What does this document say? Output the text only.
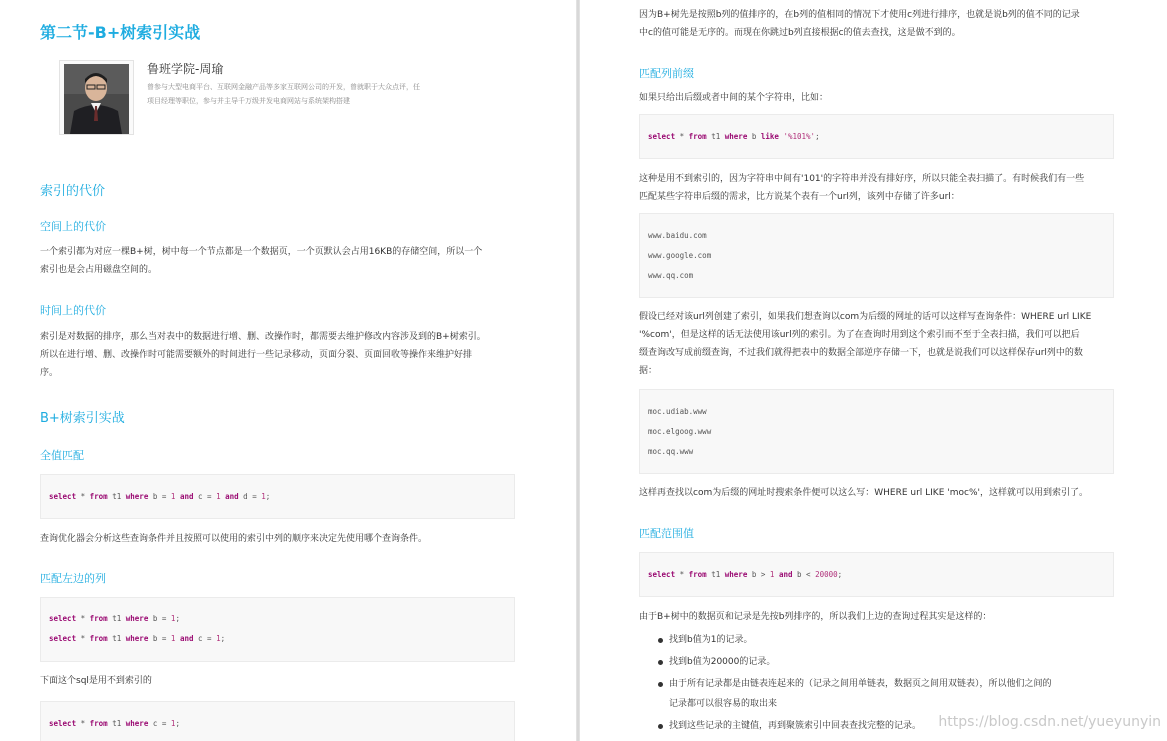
第二节-B+树索引实战
鲁班学院-周瑜
曾参与大型电商平台、互联网金融产品等多家互联网公司的开发，曾就职于大众点评，任
项目经理等职位，参与并主导千万级并发电商网站与系统架构搭建
索引的代价
空间上的代价
一个索引都为对应一棵B+树，树中每一个节点都是一个数据页，一个页默认会占用16KB的存储空间，所以一个
索引也是会占用磁盘空间的。
时间上的代价
索引是对数据的排序，那么当对表中的数据进行增、删、改操作时，都需要去维护修改内容涉及到的B+树索引。
所以在进行增、删、改操作时可能需要额外的时间进行一些记录移动，页面分裂、页面回收等操作来维护好排
序。
B+树索引实战
全值匹配
select * from t1 where b = 1 and c = 1 and d = 1;
查询优化器会分析这些查询条件并且按照可以使用的索引中列的顺序来决定先使用哪个查询条件。
匹配左边的列
select * from t1 where b = 1;
select * from t1 where b = 1 and c = 1;
下面这个sql是用不到索引的
select * from t1 where c = 1;
因为B+树先是按照b列的值排序的，在b列的值相同的情况下才使用c列进行排序，也就是说b列的值不同的记录
中c的值可能是无序的。而现在你跳过b列直接根据c的值去查找，这是做不到的。
匹配列前缀
如果只给出后缀或者中间的某个字符串，比如：
select * from t1 where b like '%101%';
这种是用不到索引的，因为字符串中间有'101'的字符串并没有排好序，所以只能全表扫描了。有时候我们有一些
匹配某些字符串后缀的需求，比方说某个表有一个url列，该列中存储了许多url：
www.baidu.com
www.google.com
www.qq.com
假设已经对该url列创建了索引，如果我们想查询以com为后缀的网址的话可以这样写查询条件：WHERE url LIKE
'%com'，但是这样的话无法使用该url列的索引。为了在查询时用到这个索引而不至于全表扫描，我们可以把后
缀查询改写成前缀查询，不过我们就得把表中的数据全部逆序存储一下，也就是说我们可以这样保存url列中的数
据：
moc.udiab.www
moc.elgoog.www
moc.qq.www
这样再查找以com为后缀的网址时搜索条件便可以这么写：WHERE url LIKE 'moc%'，这样就可以用到索引了。
匹配范围值
select * from t1 where b > 1 and b < 20000;
由于B+树中的数据页和记录是先按b列排序的，所以我们上边的查询过程其实是这样的：
找到b值为1的记录。
找到b值为20000的记录。
由于所有记录都是由链表连起来的（记录之间用单链表，数据页之间用双链表），所以他们之间的
记录都可以很容易的取出来
找到这些记录的主键值，再到聚簇索引中回表查找完整的记录。 https://blog.csdn.net/yueyunyin
